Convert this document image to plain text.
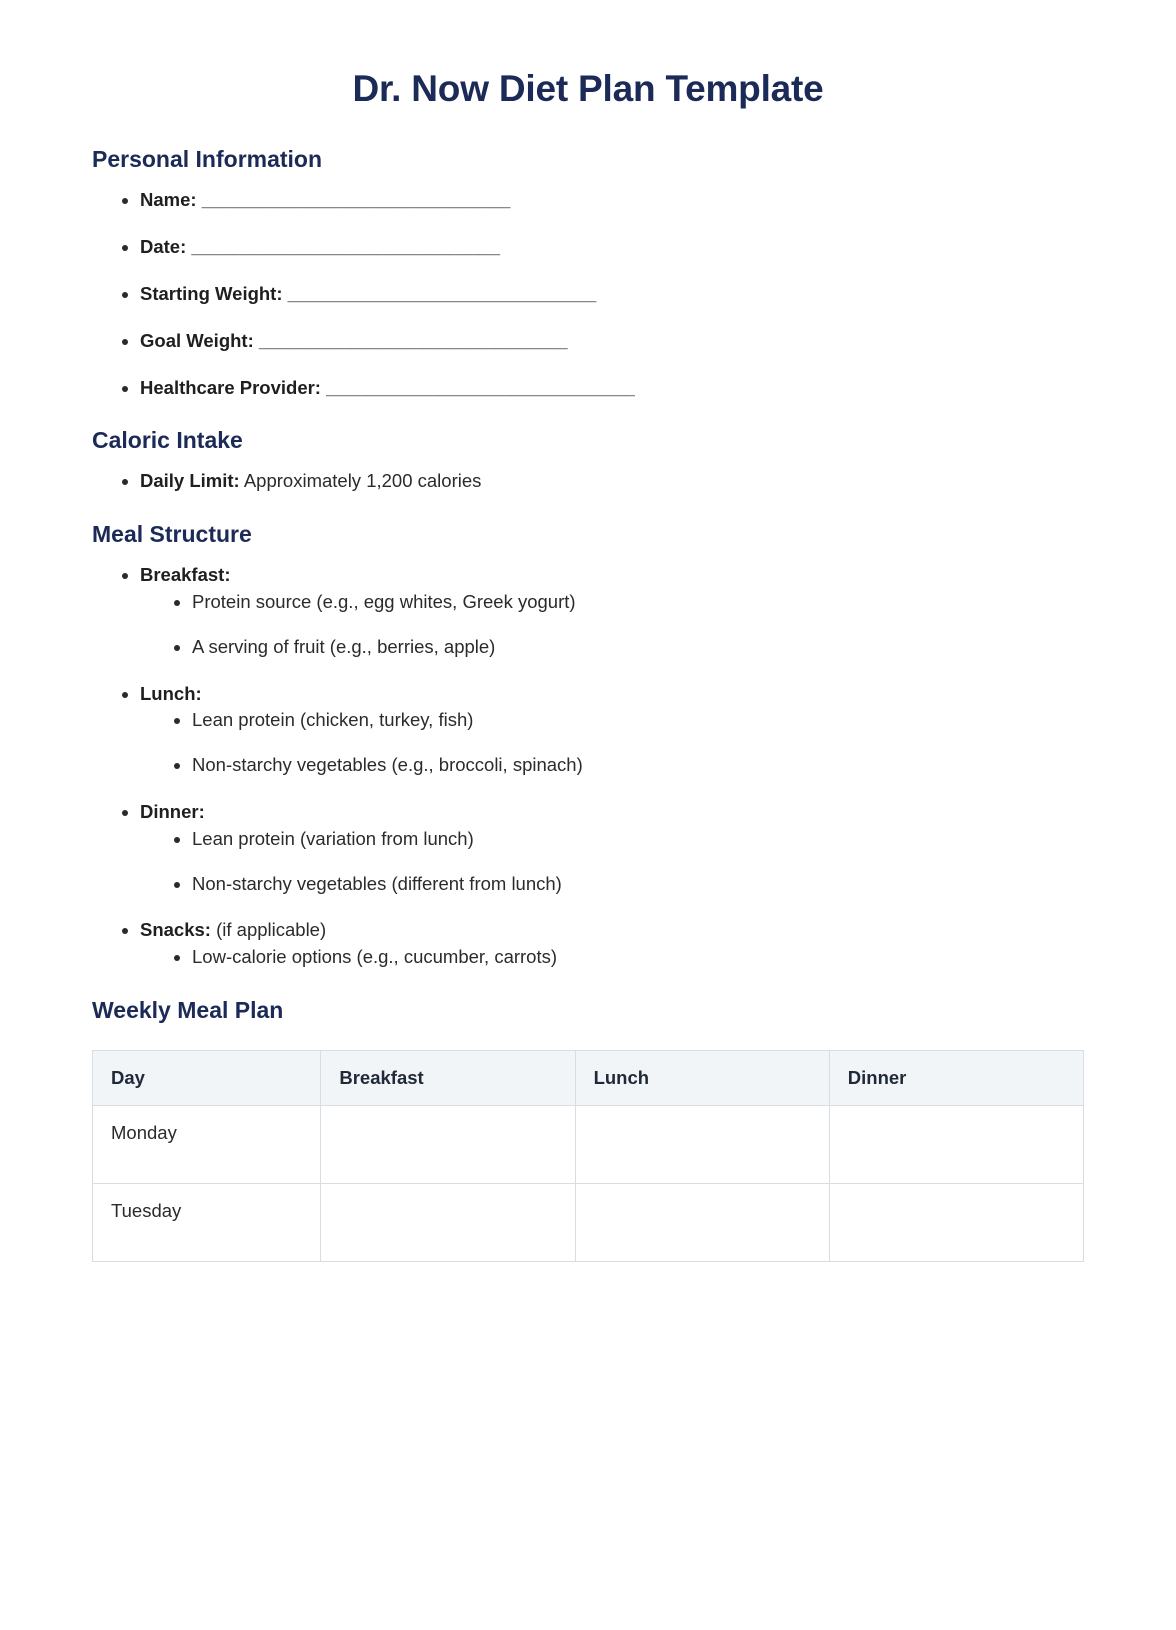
Dr. Now Diet Plan Template
Personal Information
• Name: ______________________________
• Date: ______________________________
• Starting Weight: ______________________________
• Goal Weight: ______________________________
• Healthcare Provider: ______________________________
Caloric Intake
• Daily Limit: Approximately 1,200 calories
Meal Structure
• Breakfast:
• Protein source (e.g., egg whites, Greek yogurt)
• A serving of fruit (e.g., berries, apple)
• Lunch:
• Lean protein (chicken, turkey, fish)
• Non-starchy vegetables (e.g., broccoli, spinach)
• Dinner:
• Lean protein (variation from lunch)
• Non-starchy vegetables (different from lunch)
• Snacks: (if applicable)
• Low-calorie options (e.g., cucumber, carrots)
Weekly Meal Plan
Day	Breakfast	Lunch	Dinner
Monday			
Tuesday			
